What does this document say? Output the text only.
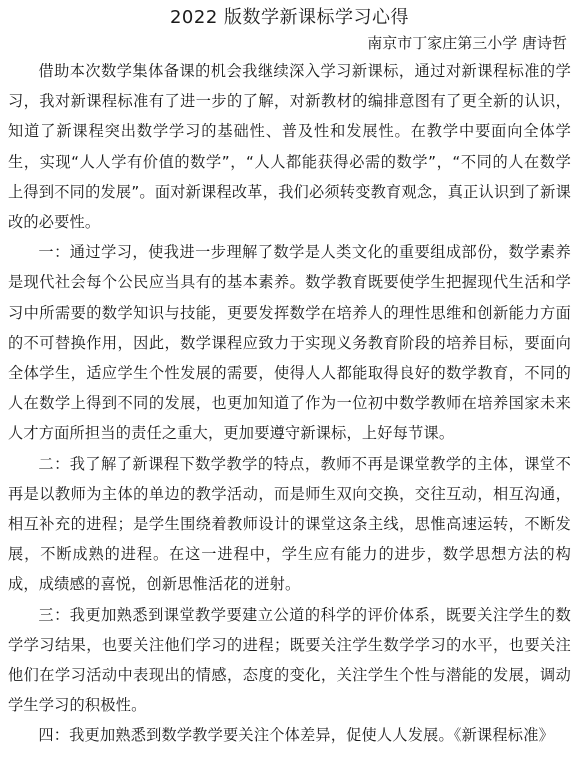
2022 版数学新课标学习心得

南京市丁家庄第三小学 唐诗哲

借助本次数学集体备课的机会我继续深入学习新课标，通过对新课程标准的学习，我对新课程标准有了进一步的了解，对新教材的编排意图有了更全新的认识，知道了新课程突出数学学习的基础性、普及性和发展性。在教学中要面向全体学生，实现“人人学有价值的数学”，“人人都能获得必需的数学”，“不同的人在数学上得到不同的发展”。面对新课程改革，我们必须转变教育观念，真正认识到了新课改的必要性。

一：通过学习，使我进一步理解了数学是人类文化的重要组成部份，数学素养是现代社会每个公民应当具有的基本素养。数学教育既要使学生把握现代生活和学习中所需要的数学知识与技能，更要发挥数学在培养人的理性思维和创新能力方面的不可替换作用，因此，数学课程应致力于实现义务教育阶段的培养目标，要面向全体学生，适应学生个性发展的需要，使得人人都能取得良好的数学教育，不同的人在数学上得到不同的发展，也更加知道了作为一位初中数学教师在培养国家未来人才方面所担当的责任之重大，更加要遵守新课标，上好每节课。

二：我了解了新课程下数学教学的特点，教师不再是课堂教学的主体，课堂不再是以教师为主体的单边的教学活动，而是师生双向交换，交往互动，相互沟通，相互补充的进程；是学生围绕着教师设计的课堂这条主线，思惟高速运转，不断发展，不断成熟的进程。在这一进程中，学生应有能力的进步，数学思想方法的构成，成绩感的喜悦，创新思惟活花的迸射。

三：我更加熟悉到课堂教学要建立公道的科学的评价体系，既要关注学生的数学学习结果，也要关注他们学习的进程；既要关注学生数学学习的水平，也要关注他们在学习活动中表现出的情感，态度的变化，关注学生个性与潜能的发展，调动学生学习的积极性。

四：我更加熟悉到数学教学要关注个体差异，促使人人发展。《新课程标准》
